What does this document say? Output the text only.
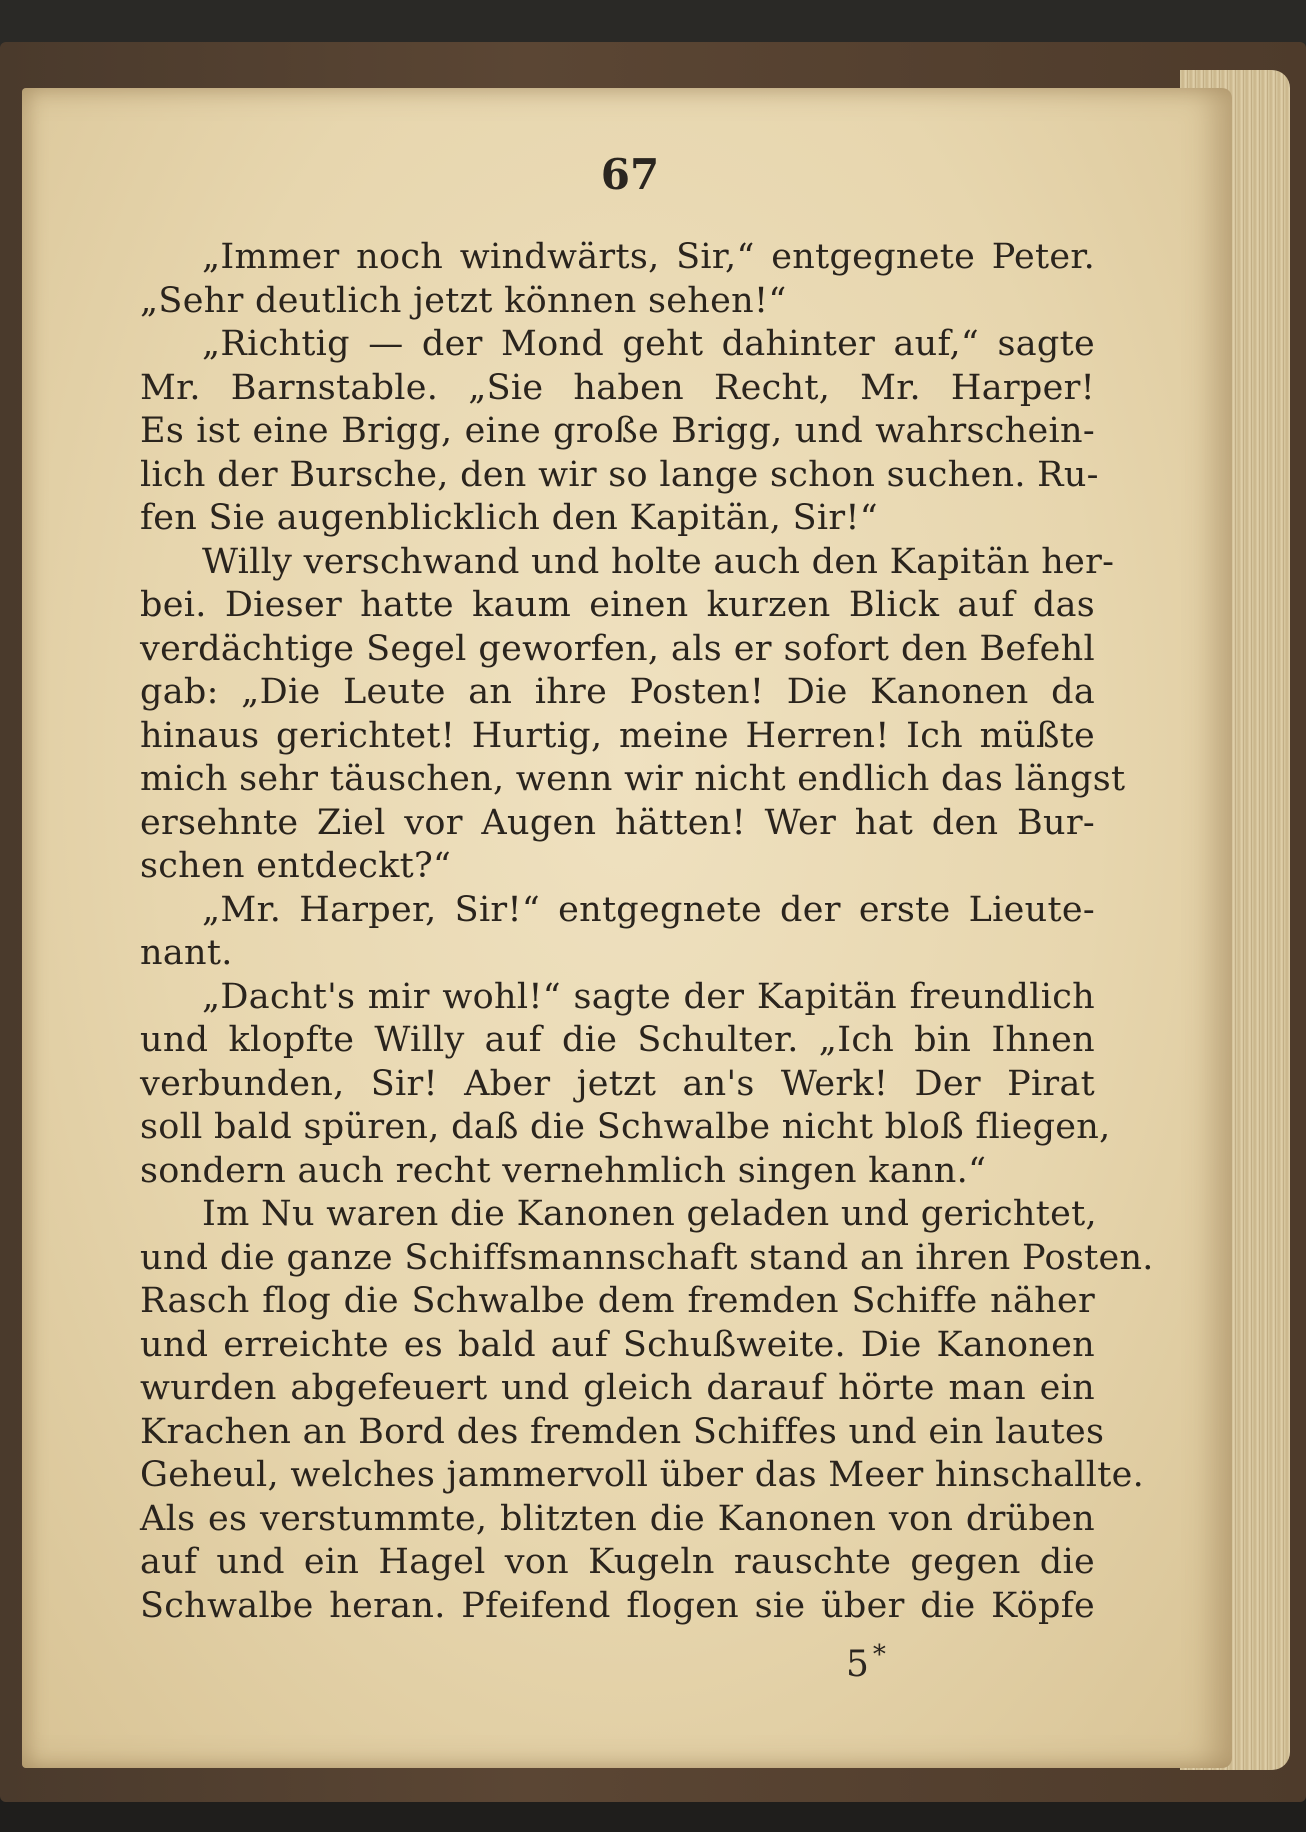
67
„Immer noch windwärts, Sir,“ entgegnete Peter.
„Sehr deutlich jetzt können sehen!“
„Richtig — der Mond geht dahinter auf,“ sagte
Mr. Barnstable. „Sie haben Recht, Mr. Harper!
Es ist eine Brigg, eine große Brigg, und wahrschein-
lich der Bursche, den wir so lange schon suchen. Ru-
fen Sie augenblicklich den Kapitän, Sir!“
Willy verschwand und holte auch den Kapitän her-
bei. Dieser hatte kaum einen kurzen Blick auf das
verdächtige Segel geworfen, als er sofort den Befehl
gab: „Die Leute an ihre Posten! Die Kanonen da
hinaus gerichtet! Hurtig, meine Herren! Ich müßte
mich sehr täuschen, wenn wir nicht endlich das längst
ersehnte Ziel vor Augen hätten! Wer hat den Bur-
schen entdeckt?“
„Mr. Harper, Sir!“ entgegnete der erste Lieute-
nant.
„Dacht's mir wohl!“ sagte der Kapitän freundlich
und klopfte Willy auf die Schulter. „Ich bin Ihnen
verbunden, Sir! Aber jetzt an's Werk! Der Pirat
soll bald spüren, daß die Schwalbe nicht bloß fliegen,
sondern auch recht vernehmlich singen kann.“
Im Nu waren die Kanonen geladen und gerichtet,
und die ganze Schiffsmannschaft stand an ihren Posten.
Rasch flog die Schwalbe dem fremden Schiffe näher
und erreichte es bald auf Schußweite. Die Kanonen
wurden abgefeuert und gleich darauf hörte man ein
Krachen an Bord des fremden Schiffes und ein lautes
Geheul, welches jammervoll über das Meer hinschallte.
Als es verstummte, blitzten die Kanonen von drüben
auf und ein Hagel von Kugeln rauschte gegen die
Schwalbe heran. Pfeifend flogen sie über die Köpfe
5 *
